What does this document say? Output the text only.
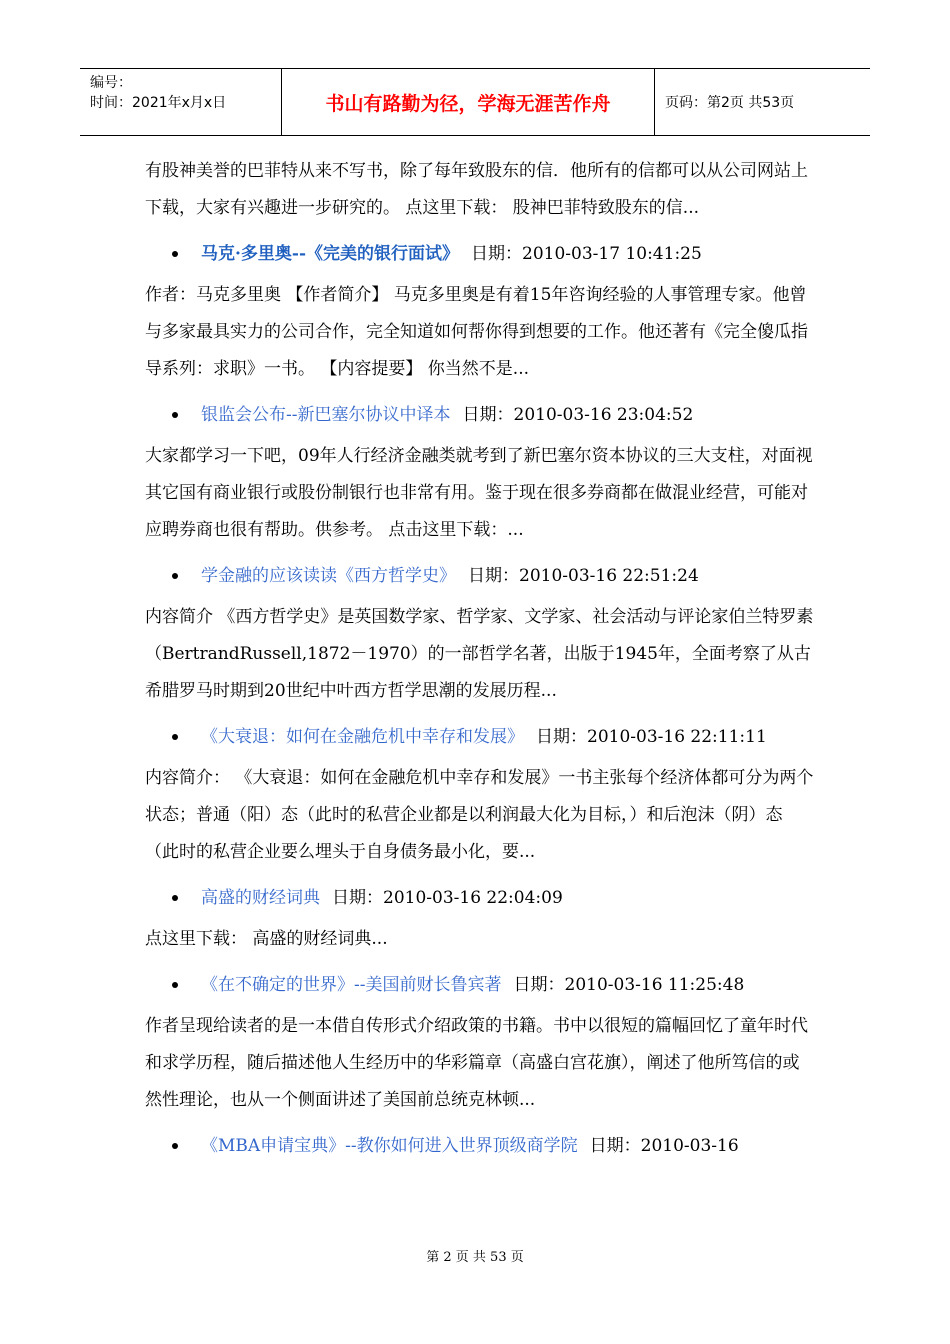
编号：
时间：2021年x月x日	书山有路勤为径，学海无涯苦作舟	页码：第2页 共53页

有股神美誉的巴菲特从来不写书，除了每年致股东的信．他所有的信都可以从公司网站上下载，大家有兴趣进一步研究的。 点这里下载： 股神巴菲特致股东的信...

马克·多里奥--《完美的银行面试》 日期：2010-03-17 10:41:25

作者：马克多里奥 【作者简介】 马克多里奥是有着15年咨询经验的人事管理专家。他曾与多家最具实力的公司合作，完全知道如何帮你得到想要的工作。他还著有《完全傻瓜指导系列：求职》一书。 【内容提要】 你当然不是...

银监会公布--新巴塞尔协议中译本 日期：2010-03-16 23:04:52

大家都学习一下吧，09年人行经济金融类就考到了新巴塞尔资本协议的三大支柱，对面视其它国有商业银行或股份制银行也非常有用。鉴于现在很多券商都在做混业经营，可能对应聘券商也很有帮助。供参考。 点击这里下载：...

学金融的应该读读《西方哲学史》 日期：2010-03-16 22:51:24

内容简介 《西方哲学史》是英国数学家、哲学家、文学家、社会活动与评论家伯兰特罗素（BertrandRussell,1872－1970）的一部哲学名著，出版于1945年，全面考察了从古希腊罗马时期到20世纪中叶西方哲学思潮的发展历程...

《大衰退：如何在金融危机中幸存和发展》 日期：2010-03-16 22:11:11

内容简介： 《大衰退：如何在金融危机中幸存和发展》一书主张每个经济体都可分为两个状态；普通（阳）态（此时的私营企业都是以利润最大化为目标，）和后泡沫（阴）态（此时的私营企业要么埋头于自身债务最小化，要...

高盛的财经词典 日期：2010-03-16 22:04:09

点这里下载： 高盛的财经词典...

《在不确定的世界》--美国前财长鲁宾著 日期：2010-03-16 11:25:48

作者呈现给读者的是一本借自传形式介绍政策的书籍。书中以很短的篇幅回忆了童年时代和求学历程，随后描述他人生经历中的华彩篇章（高盛白宫花旗），阐述了他所笃信的或然性理论，也从一个侧面讲述了美国前总统克林顿...

《MBA申请宝典》--教你如何进入世界顶级商学院 日期：2010-03-16
第 2 页 共 53 页
